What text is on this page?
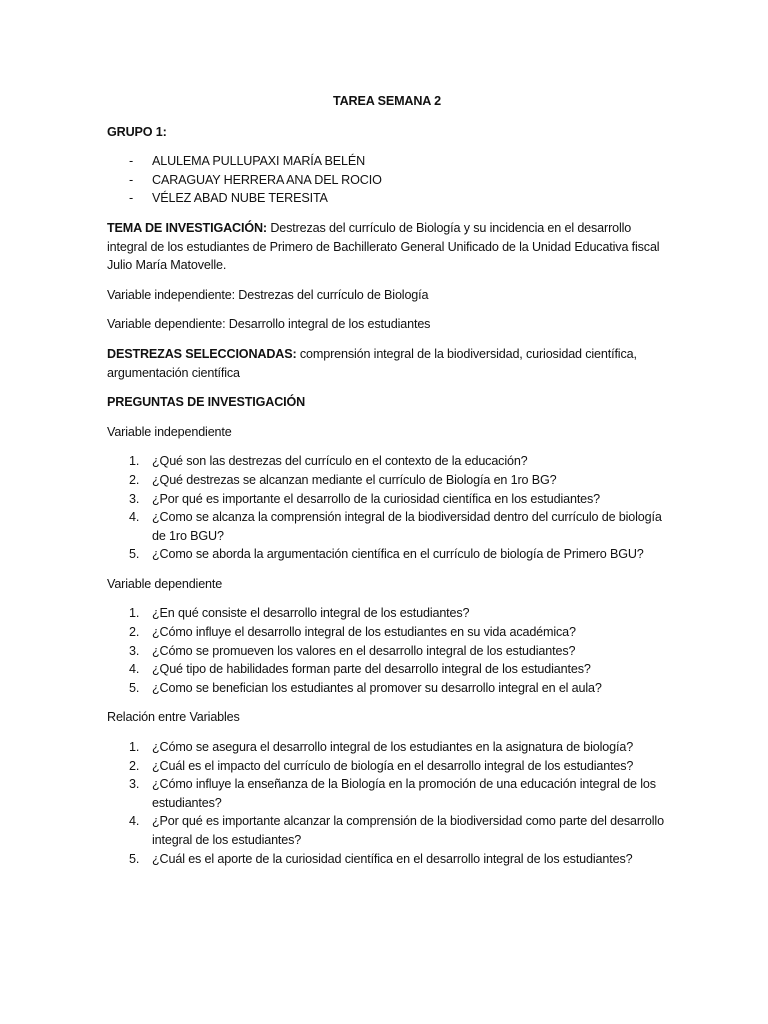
TAREA SEMANA 2
GRUPO 1:
- ALULEMA PULLUPAXI MARÍA BELÉN
- CARAGUAY HERRERA ANA DEL ROCIO
- VÉLEZ ABAD NUBE TERESITA

TEMA DE INVESTIGACIÓN: Destrezas del currículo de Biología y su incidencia en el desarrollo integral de los estudiantes de Primero de Bachillerato General Unificado de la Unidad Educativa fiscal Julio María Matovelle.

Variable independiente: Destrezas del currículo de Biología

Variable dependiente: Desarrollo integral de los estudiantes

DESTREZAS SELECCIONADAS: comprensión integral de la biodiversidad, curiosidad científica, argumentación científica

PREGUNTAS DE INVESTIGACIÓN

Variable independiente

1. ¿Qué son las destrezas del currículo en el contexto de la educación?
2. ¿Qué destrezas se alcanzan mediante el currículo de Biología en 1ro BG?
3. ¿Por qué es importante el desarrollo de la curiosidad científica en los estudiantes?
4. ¿Como se alcanza la comprensión integral de la biodiversidad dentro del currículo de biología de 1ro BGU?
5. ¿Como se aborda la argumentación científica en el currículo de biología de Primero BGU?

Variable dependiente

1. ¿En qué consiste el desarrollo integral de los estudiantes?
2. ¿Cómo influye el desarrollo integral de los estudiantes en su vida académica?
3. ¿Cómo se promueven los valores en el desarrollo integral de los estudiantes?
4. ¿Qué tipo de habilidades forman parte del desarrollo integral de los estudiantes?
5. ¿Como se benefician los estudiantes al promover su desarrollo integral en el aula?

Relación entre Variables

1. ¿Cómo se asegura el desarrollo integral de los estudiantes en la asignatura de biología?
2. ¿Cuál es el impacto del currículo de biología en el desarrollo integral de los estudiantes?
3. ¿Cómo influye la enseñanza de la Biología en la promoción de una educación integral de los estudiantes?
4. ¿Por qué es importante alcanzar la comprensión de la biodiversidad como parte del desarrollo integral de los estudiantes?
5. ¿Cuál es el aporte de la curiosidad científica en el desarrollo integral de los estudiantes?
